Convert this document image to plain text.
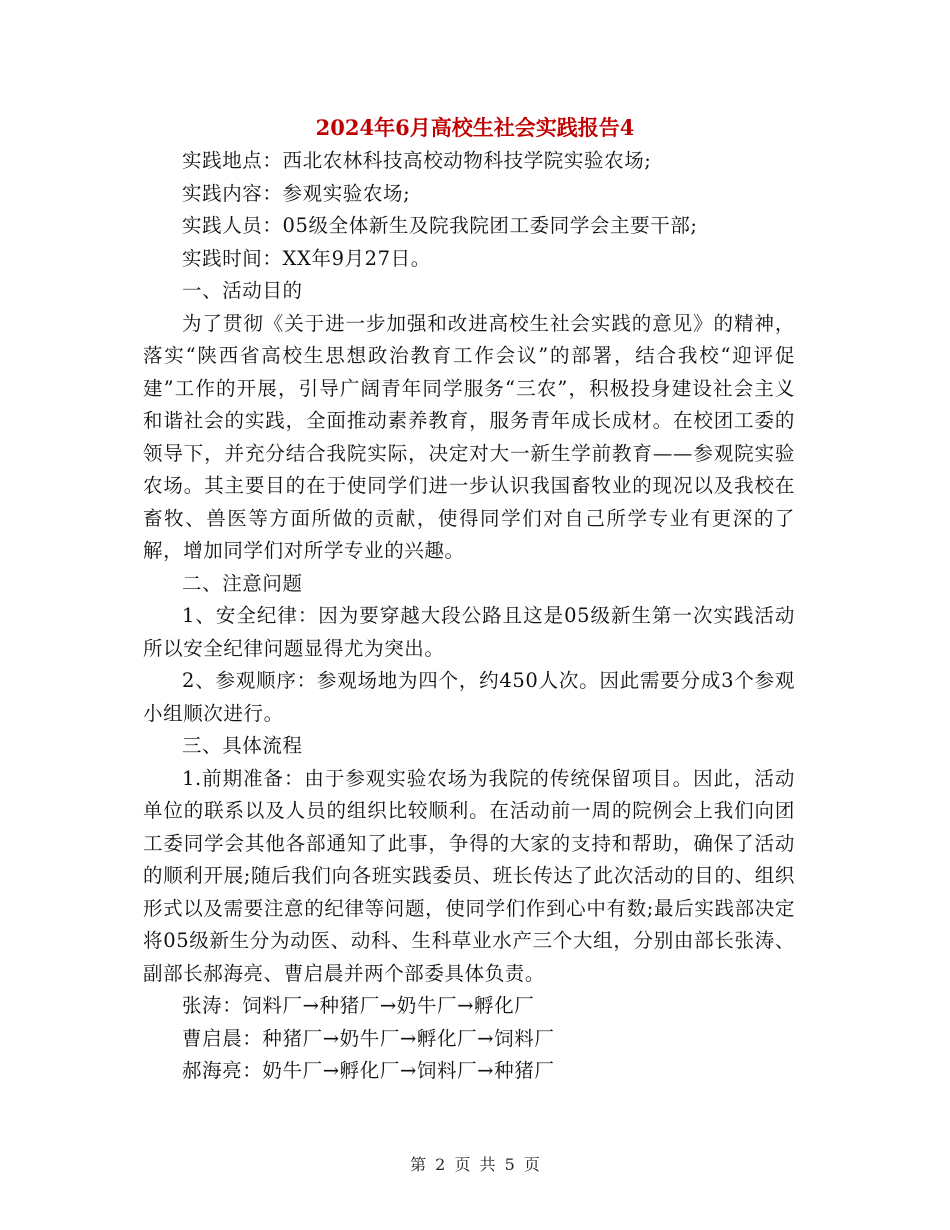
2024年6月高校生社会实践报告4

实践地点：西北农林科技高校动物科技学院实验农场;

实践内容：参观实验农场;

实践人员：05级全体新生及院我院团工委同学会主要干部;

实践时间：XX年9月27日。

一、活动目的

为了贯彻《关于进一步加强和改进高校生社会实践的意见》的精神，落实“陕西省高校生思想政治教育工作会议”的部署，结合我校“迎评促建”工作的开展，引导广阔青年同学服务“三农”，积极投身建设社会主义和谐社会的实践，全面推动素养教育，服务青年成长成材。在校团工委的领导下，并充分结合我院实际，决定对大一新生学前教育——参观院实验农场。其主要目的在于使同学们进一步认识我国畜牧业的现况以及我校在畜牧、兽医等方面所做的贡献，使得同学们对自己所学专业有更深的了解，增加同学们对所学专业的兴趣。

二、注意问题

1、安全纪律：因为要穿越大段公路且这是05级新生第一次实践活动所以安全纪律问题显得尤为突出。

2、参观顺序：参观场地为四个，约450人次。因此需要分成3个参观小组顺次进行。

三、具体流程

1.前期准备：由于参观实验农场为我院的传统保留项目。因此，活动单位的联系以及人员的组织比较顺利。在活动前一周的院例会上我们向团工委同学会其他各部通知了此事，争得的大家的支持和帮助，确保了活动的顺利开展;随后我们向各班实践委员、班长传达了此次活动的目的、组织形式以及需要注意的纪律等问题，使同学们作到心中有数;最后实践部决定将05级新生分为动医、动科、生科草业水产三个大组，分别由部长张涛、副部长郝海亮、曹启晨并两个部委具体负责。

张涛：饲料厂→种猪厂→奶牛厂→孵化厂

曹启晨：种猪厂→奶牛厂→孵化厂→饲料厂

郝海亮：奶牛厂→孵化厂→饲料厂→种猪厂

第 2 页 共 5 页
